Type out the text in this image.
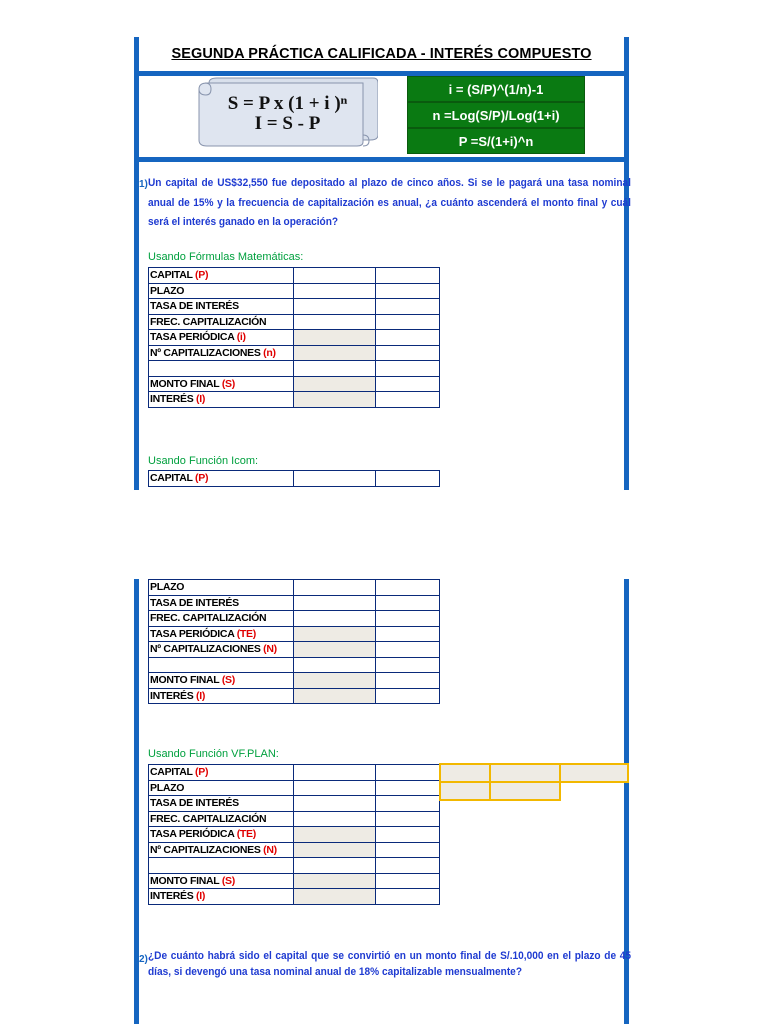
SEGUNDA PRÁCTICA CALIFICADA - INTERÉS COMPUESTO
S = P x (1 + i )ⁿ
I = S - P
i = (S/P)^(1/n)-1
n =Log(S/P)/Log(1+i)
P =S/(1+i)^n
1) Un capital de US$32,550 fue depositado al plazo de cinco años. Si se le pagará una tasa nominal anual de 15% y la frecuencia de capitalización es anual, ¿a cuánto ascenderá el monto final y cuál será el interés ganado en la operación?
Usando Fórmulas Matemáticas:
CAPITAL (P)		
PLAZO		
TASA DE INTERÉS		
FREC. CAPITALIZACIÓN		
TASA PERIÓDICA (i)		
Nº CAPITALIZACIONES (n)		

MONTO FINAL (S)		
INTERÉS (I)		
Usando Función Icom:
CAPITAL (P)		
PLAZO		
TASA DE INTERÉS		
FREC. CAPITALIZACIÓN		
TASA PERIÓDICA (TE)		
Nº CAPITALIZACIONES (N)		

MONTO FINAL (S)		
INTERÉS (I)		
Usando Función VF.PLAN:
CAPITAL (P)		
PLAZO		
TASA DE INTERÉS		
FREC. CAPITALIZACIÓN		
TASA PERIÓDICA (TE)		
Nº CAPITALIZACIONES (N)		

MONTO FINAL (S)		
INTERÉS (I)		
2) ¿De cuánto habrá sido el capital que se convirtió en un monto final de S/.10,000 en el plazo de 45 días, si devengó una tasa nominal anual de 18% capitalizable mensualmente?
